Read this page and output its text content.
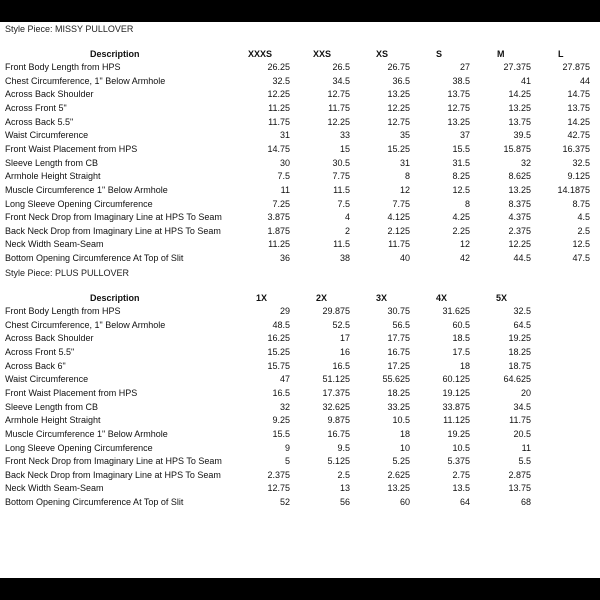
Style Piece: MISSY PULLOVER
Description	XXXS	XXS	XS	S	M	L
Front Body Length from HPS	26.25	26.5	26.75	27	27.375	27.875
Chest Circumference, 1" Below Armhole	32.5	34.5	36.5	38.5	41	44
Across Back Shoulder	12.25	12.75	13.25	13.75	14.25	14.75
Across Front 5"	11.25	11.75	12.25	12.75	13.25	13.75
Across Back 5.5"	11.75	12.25	12.75	13.25	13.75	14.25
Waist Circumference	31	33	35	37	39.5	42.75
Front Waist Placement from HPS	14.75	15	15.25	15.5	15.875	16.375
Sleeve Length from CB	30	30.5	31	31.5	32	32.5
Armhole Height Straight	7.5	7.75	8	8.25	8.625	9.125
Muscle Circumference 1" Below Armhole	11	11.5	12	12.5	13.25	14.1875
Long Sleeve Opening Circumference	7.25	7.5	7.75	8	8.375	8.75
Front Neck Drop from Imaginary Line at HPS To Seam	3.875	4	4.125	4.25	4.375	4.5
Back Neck Drop from Imaginary Line at HPS To Seam	1.875	2	2.125	2.25	2.375	2.5
Neck Width Seam-Seam	11.25	11.5	11.75	12	12.25	12.5
Bottom Opening Circumference At Top of Slit	36	38	40	42	44.5	47.5
Style Piece: PLUS PULLOVER
Description	1X	2X	3X	4X	5X
Front Body Length from HPS	29	29.875	30.75	31.625	32.5
Chest Circumference, 1" Below Armhole	48.5	52.5	56.5	60.5	64.5
Across Back Shoulder	16.25	17	17.75	18.5	19.25
Across Front 5.5"	15.25	16	16.75	17.5	18.25
Across Back 6"	15.75	16.5	17.25	18	18.75
Waist Circumference	47	51.125	55.625	60.125	64.625
Front Waist Placement from HPS	16.5	17.375	18.25	19.125	20
Sleeve Length from CB	32	32.625	33.25	33.875	34.5
Armhole Height Straight	9.25	9.875	10.5	11.125	11.75
Muscle Circumference 1" Below Armhole	15.5	16.75	18	19.25	20.5
Long Sleeve Opening Circumference	9	9.5	10	10.5	11
Front Neck Drop from Imaginary Line at HPS To Seam	5	5.125	5.25	5.375	5.5
Back Neck Drop from Imaginary Line at HPS To Seam	2.375	2.5	2.625	2.75	2.875
Neck Width Seam-Seam	12.75	13	13.25	13.5	13.75
Bottom Opening Circumference At Top of Slit	52	56	60	64	68
